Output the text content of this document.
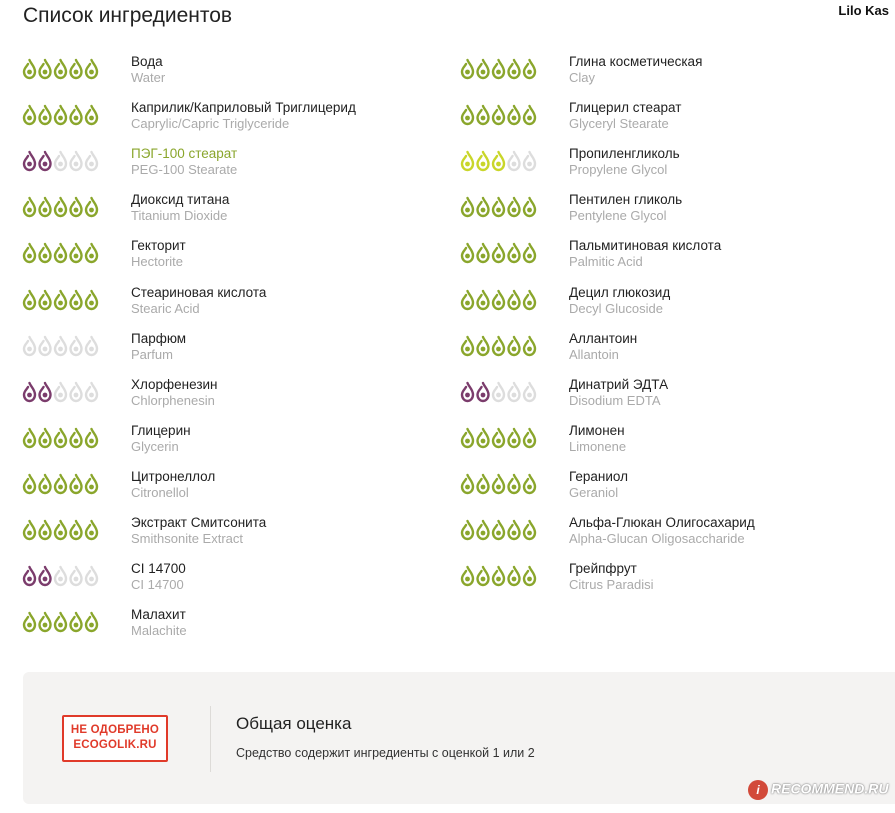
Список ингредиентов	Lilo Kas
Вода
Water
Каприлик/Каприловый Триглицерид
Caprylic/Capric Triglyceride
ПЭГ-100 стеарат
PEG-100 Stearate
Диоксид титана
Titanium Dioxide
Гекторит
Hectorite
Стеариновая кислота
Stearic Acid
Парфюм
Parfum
Хлорфенезин
Chlorphenesin
Глицерин
Glycerin
Цитронеллол
Citronellol
Экстракт Смитсонита
Smithsonite Extract
CI 14700
CI 14700
Малахит
Malachite
Глина косметическая
Clay
Глицерил стеарат
Glyceryl Stearate
Пропиленгликоль
Propylene Glycol
Пентилен гликоль
Pentylene Glycol
Пальмитиновая кислота
Palmitic Acid
Децил глюкозид
Decyl Glucoside
Аллантоин
Allantoin
Динатрий ЭДТА
Disodium EDTA
Лимонен
Limonene
Гераниол
Geraniol
Альфа-Глюкан Олигосахарид
Alpha-Glucan Oligosaccharide
Грейпфрут
Citrus Paradisi
НЕ ОДОБРЕНО
ECOGOLIK.RU
Общая оценка
Средство содержит ингредиенты с оценкой 1 или 2
i RECOMMEND.RU
